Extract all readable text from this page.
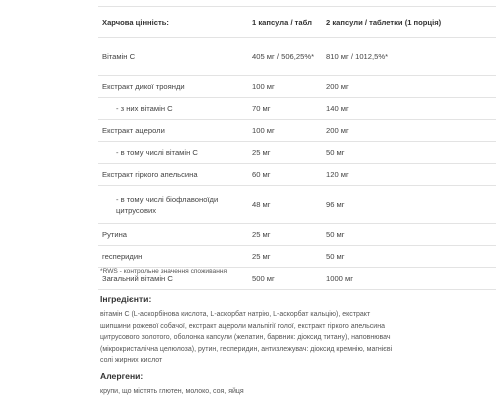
Харчова цінність:	1 капсула / табл	2 капсули / таблетки (1 порція)
Вітамін С	405 мг / 506,25%*	810 мг / 1012,5%*
Екстракт дикої троянди	100 мг	200 мг
- з них вітамін С	70 мг	140 мг
Екстракт ацероли	100 мг	200 мг
- в тому числі вітамін С	25 мг	50 мг
Екстракт гіркого апельсина	60 мг	120 мг
- в тому числі біофлавоноїди цитрусових	48 мг	96 мг
Рутина	25 мг	50 мг
гесперидин	25 мг	50 мг
Загальний вітамін С	500 мг	1000 мг
*RWS - контрольне значення споживання
Інгредієнти:
вітамін С (L-аскорбінова кислота, L-аскорбат натрію, L-аскорбат кальцію), екстракт шипшини рожевої собачої, екстракт ацероли мальпігії голої, екстракт гіркого апельсина цитрусового золотого, оболонка капсули (желатин, барвник: діоксид титану), наповнювач (мікрокристалічна целюлоза), рутин, гесперидин, антизлежувач: діоксид кремнію, магнієві солі жирних кислот
Алергени:
крупи, що містять глютен, молоко, соя, яйця
